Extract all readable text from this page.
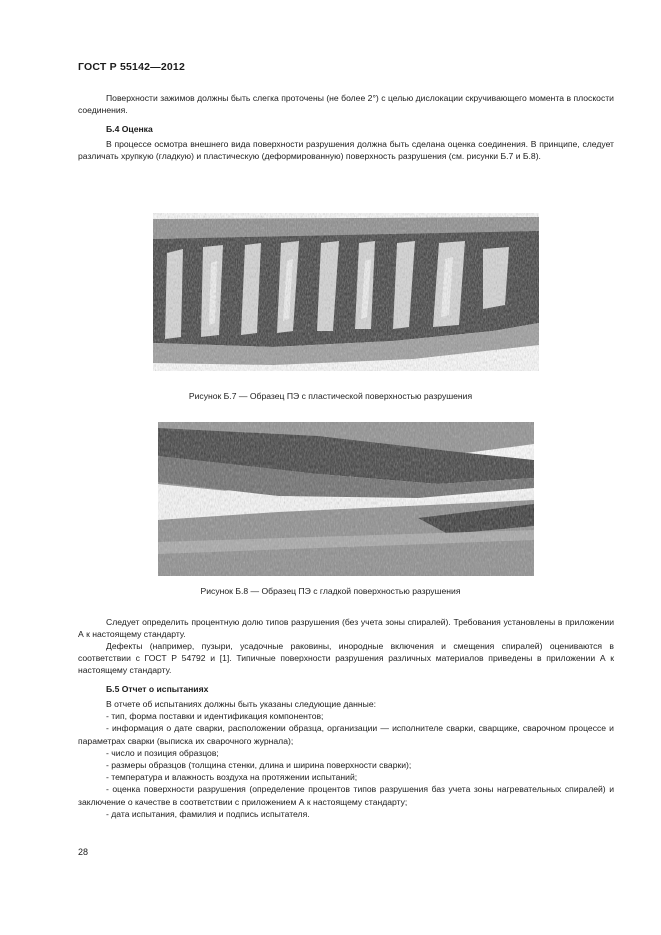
ГОСТ Р 55142—2012
Поверхности зажимов должны быть слегка проточены (не более 2°) с целью дислокации скручивающего момента в плоскости соединения.
Б.4 Оценка
В процессе осмотра внешнего вида поверхности разрушения должна быть сделана оценка соединения. В принципе, следует различать хрупкую (гладкую) и пластическую (деформированную) поверхность разрушения (см. рисунки Б.7 и Б.8).
Рисунок Б.7 — Образец ПЭ с пластической поверхностью разрушения
Рисунок Б.8 — Образец ПЭ с гладкой поверхностью разрушения
Следует определить процентную долю типов разрушения (без учета зоны спиралей). Требования установлены в приложении А к настоящему стандарту.
Дефекты (например, пузыри, усадочные раковины, инородные включения и смещения спиралей) оцениваются в соответствии с ГОСТ Р 54792 и [1]. Типичные поверхности разрушения различных материалов приведены в приложении А к настоящему стандарту.
Б.5 Отчет о испытаниях
В отчете об испытаниях должны быть указаны следующие данные:
- тип, форма поставки и идентификация компонентов;
- информация о дате сварки, расположении образца, организации — исполнителе сварки, сварщике, сварочном процессе и параметрах сварки (выписка их сварочного журнала);
- число и позиция образцов;
- размеры образцов (толщина стенки, длина и ширина поверхности сварки);
- температура и влажность воздуха на протяжении испытаний;
- оценка поверхности разрушения (определение процентов типов разрушения баз учета зоны нагревательных спиралей) и заключение о качестве в соответствии с приложением А к настоящему стандарту;
- дата испытания, фамилия и подпись испытателя.
28
